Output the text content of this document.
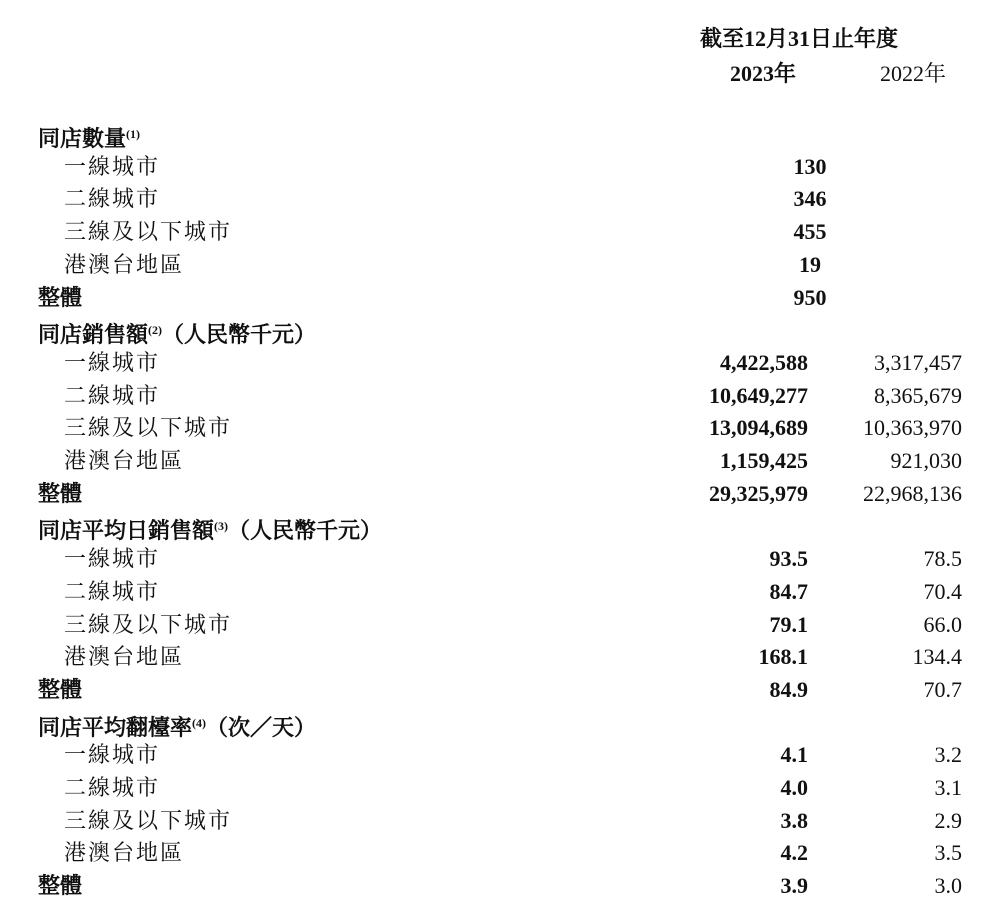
截至12月31日止年度
2023年	2022年
同店數量$^{(1)}$
一線城市	130
二線城市	346
三線及以下城市	455
港澳台地區	19
整體	950
同店銷售額$^{(2)}$（人民幣千元）
一線城市	4,422,588	3,317,457
二線城市	10,649,277	8,365,679
三線及以下城市	13,094,689	10,363,970
港澳台地區	1,159,425	921,030
整體	29,325,979	22,968,136
同店平均日銷售額$^{(3)}$（人民幣千元）
一線城市	93.5	78.5
二線城市	84.7	70.4
三線及以下城市	79.1	66.0
港澳台地區	168.1	134.4
整體	84.9	70.7
同店平均翻檯率$^{(4)}$（次／天）
一線城市	4.1	3.2
二線城市	4.0	3.1
三線及以下城市	3.8	2.9
港澳台地區	4.2	3.5
整體	3.9	3.0
